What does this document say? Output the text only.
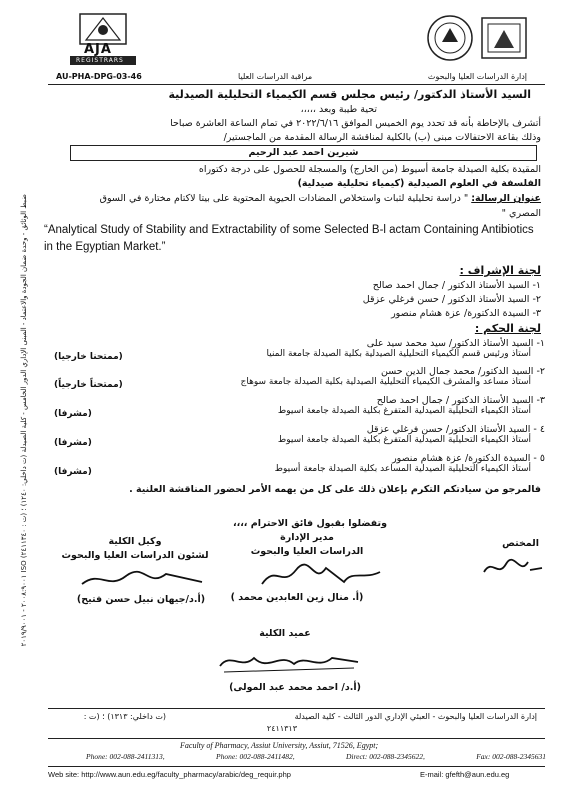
AJA
REGISTRARS
AU-PHA-DPG-03-46	مراقبة الدراسات العليا	إدارة الدراسات العليا والبحوث
السيد الأستاذ الدكتور/ رئيس مجلس قسم الكيمياء التحليلية الصيدلية
تحية طيبة وبعد ،،،،،
أتشرف بالإحاطة بأنه قد تحدد يوم الخميس الموافق ٢٠٢٢/٦/١٦ في تمام الساعة العاشرة صباحا
وذلك بقاعة الاحتفالات مبنى (ب) بالكلية لمناقشة الرسالة المقدمة من الماجستير/
شيرين احمد عبد الرحيم
المقيدة بكلية الصيدلة جامعة أسيوط (من الخارج) والمسجلة للحصول على درجة دكتوراه
الفلسفة في العلوم الصيدلية (كيمياء تحليلية صيدلية)
عنوان الرسالة: " دراسة تحليلية لثبات واستخلاص المضادات الحيوية المحتوية على بيتا لاكتام مختارة في السوق
المصري "
“Analytical Study of Stability and Extractability of some Selected B-l actam Containing Antibiotics in the Egyptian Market.”
لجنة الإشراف :
١- السيد الأستاذ الدكتور / جمال احمد صالح
٢- السيد الأستاذ الدكتور / حسن فرغلي عزقل
٣- السيدة الدكتورة/ عزة هشام منصور
لجنة الحكم :
١- السيد الأستاذ الدكتور/ سيد محمد سيد على
أستاذ ورئيس قسم الكيمياء التحليلية الصيدلية بكلية الصيدلة جامعة المنيا
(ممتحنا خارجيا)
٢- السيد الدكتور/ محمد جمال الدين حسن
أستاذ مساعد والمشرف الكيمياء التحليلية الصيدلية بكلية الصيدلة جامعة سوهاج
(ممتحناً خارجياً)
٣- السيد الأستاذ الدكتور / جمال احمد صالح
أستاذ الكيمياء التحليلية الصيدلية المتفرغ بكلية الصيدلة جامعة اسيوط
(مشرفا)
٤ - السيد الأستاذ الدكتور/ حسن فرغلي عزقل
أستاذ الكيمياء التحليلية الصيدلية المتفرغ بكلية الصيدلة جامعة اسيوط
(مشرفا)
٥ - السيدة الدكتورة/ عزة هشام منصور
أستاذ الكيمياء التحليلية الصيدلية المساعد بكلية الصيدلة جامعة أسيوط
(مشرفا)
فالمرجو من سيادتكم التكرم بإعلان ذلك على كل من يهمه الأمر لحضور المناقشة العلنية .
وتفضلوا بقبول فائق الاحترام ،،،،
المختص
مدير الإدارة
الدراسات العليا والبحوث
وكيل الكلية
لشئون الدراسات العليا والبحوث
(أ. منال زين العابدين محمد )
(أ.د/جيهان نبيل حسن فتيح)
عميد الكلية
(أ.د/ احمد محمد عبد المولى)
إدارة الدراسات العليا والبحوث - العبئي الإداري الدور الثالث - كلية الصيدلة
٢٤١١٣١٣
(ت داخلي: ١٣١٣) ؛ (ت :
Faculty of Pharmacy, Assiut University, Assiut, 71526, Egypt;
Phone: 002-088-2411313,	Phone: 002-088-2411482,	Direct: 002-088-2345622,	Fax: 002-088-2345631
Web site: http://www.aun.edu.eg/faculty_pharmacy/arabic/deg_requir.php	E-mail: gfefth@aun.edu.eg
ضبط الوثائق - وحدة ضمان الجودة والاعتماد - المبنى الإداري الدور الخامس - كلية الصيدلة (ت داخلي: ١٢٤٠) ؛ (ت : ٢٤١١٣٤٠) ISO ٢٠٠٨:٩٠٠١ - ٢٠١٩/٩٠٠١
